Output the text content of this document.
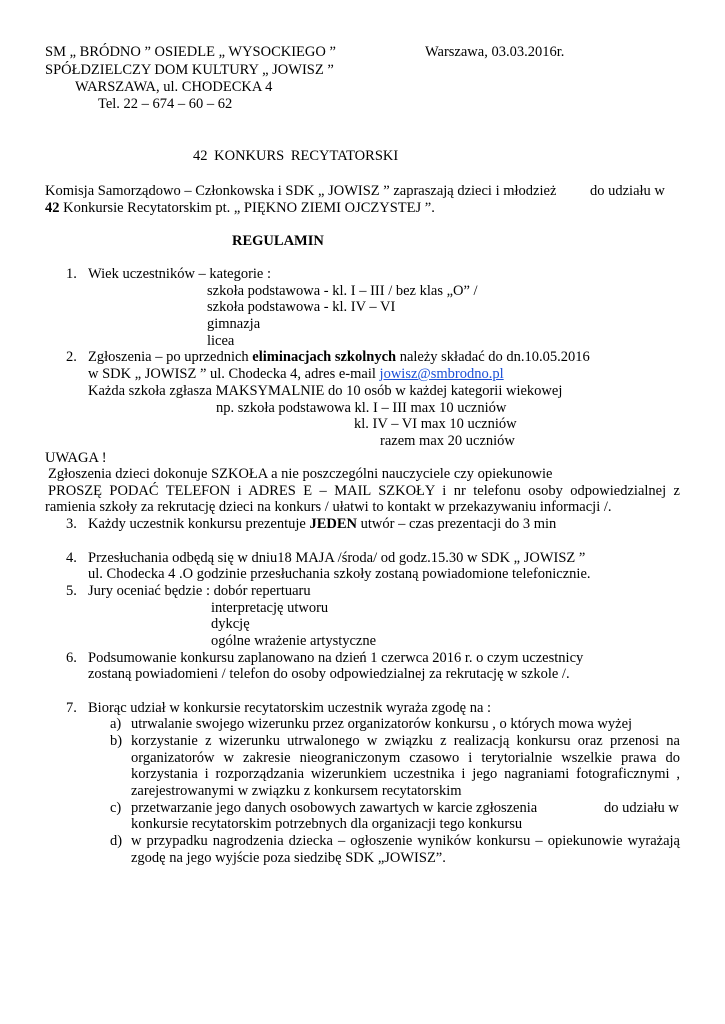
SM „ BRÓDNO ” OSIEDLE „ WYSOCKIEGO ”	Warszawa, 03.03.2016r.
SPÓŁDZIELCZY DOM KULTURY „ JOWISZ ”
WARSZAWA, ul. CHODECKA 4
Tel. 22 – 674 – 60 – 62
42 KONKURS RECYTATORSKI
Komisja Samorządowo – Członkowska i SDK „ JOWISZ ” zapraszają dzieci i młodzież do udziału w
42 Konkursie Recytatorskim pt. „ PIĘKNO ZIEMI OJCZYSTEJ ”.
REGULAMIN
1. Wiek uczestników – kategorie :
szkoła podstawowa - kl. I – III / bez klas „O” /
szkoła podstawowa - kl. IV – VI
gimnazja
licea
2. Zgłoszenia – po uprzednich eliminacjach szkolnych należy składać do dn.10.05.2016
w SDK „ JOWISZ ” ul. Chodecka 4, adres e-mail jowisz@smbrodno.pl
Każda szkoła zgłasza MAKSYMALNIE do 10 osób w każdej kategorii wiekowej
np. szkoła podstawowa kl. I – III max 10 uczniów
kl. IV – VI max 10 uczniów
razem max 20 uczniów
UWAGA !
Zgłoszenia dzieci dokonuje SZKOŁA a nie poszczególni nauczyciele czy opiekunowie
PROSZĘ PODAĆ TELEFON i ADRES E – MAIL SZKOŁY i nr telefonu osoby odpowiedzialnej z
ramienia szkoły za rekrutację dzieci na konkurs / ułatwi to kontakt w przekazywaniu informacji /.
3. Każdy uczestnik konkursu prezentuje JEDEN utwór – czas prezentacji do 3 min
4. Przesłuchania odbędą się w dniu18 MAJA /środa/ od godz.15.30 w SDK „ JOWISZ ”
ul. Chodecka 4 .O godzinie przesłuchania szkoły zostaną powiadomione telefonicznie.
5. Jury oceniać będzie : dobór repertuaru
interpretację utworu
dykcję
ogólne wrażenie artystyczne
6. Podsumowanie konkursu zaplanowano na dzień 1 czerwca 2016 r. o czym uczestnicy
zostaną powiadomieni / telefon do osoby odpowiedzialnej za rekrutację w szkole /.
7. Biorąc udział w konkursie recytatorskim uczestnik wyraża zgodę na :
a) utrwalanie swojego wizerunku przez organizatorów konkursu , o których mowa wyżej
b) korzystanie z wizerunku utrwalonego w związku z realizacją konkursu oraz przenosi na
organizatorów w zakresie nieograniczonym czasowo i terytorialnie wszelkie prawa do
korzystania i rozporządzania wizerunkiem uczestnika i jego nagraniami fotograficznymi ,
zarejestrowanymi w związku z konkursem recytatorskim
c) przetwarzanie jego danych osobowych zawartych w karcie zgłoszenia	do udziału w
konkursie recytatorskim potrzebnych dla organizacji tego konkursu
d) w przypadku nagrodzenia dziecka – ogłoszenie wyników konkursu – opiekunowie wyrażają
zgodę na jego wyjście poza siedzibę SDK „JOWISZ”.
